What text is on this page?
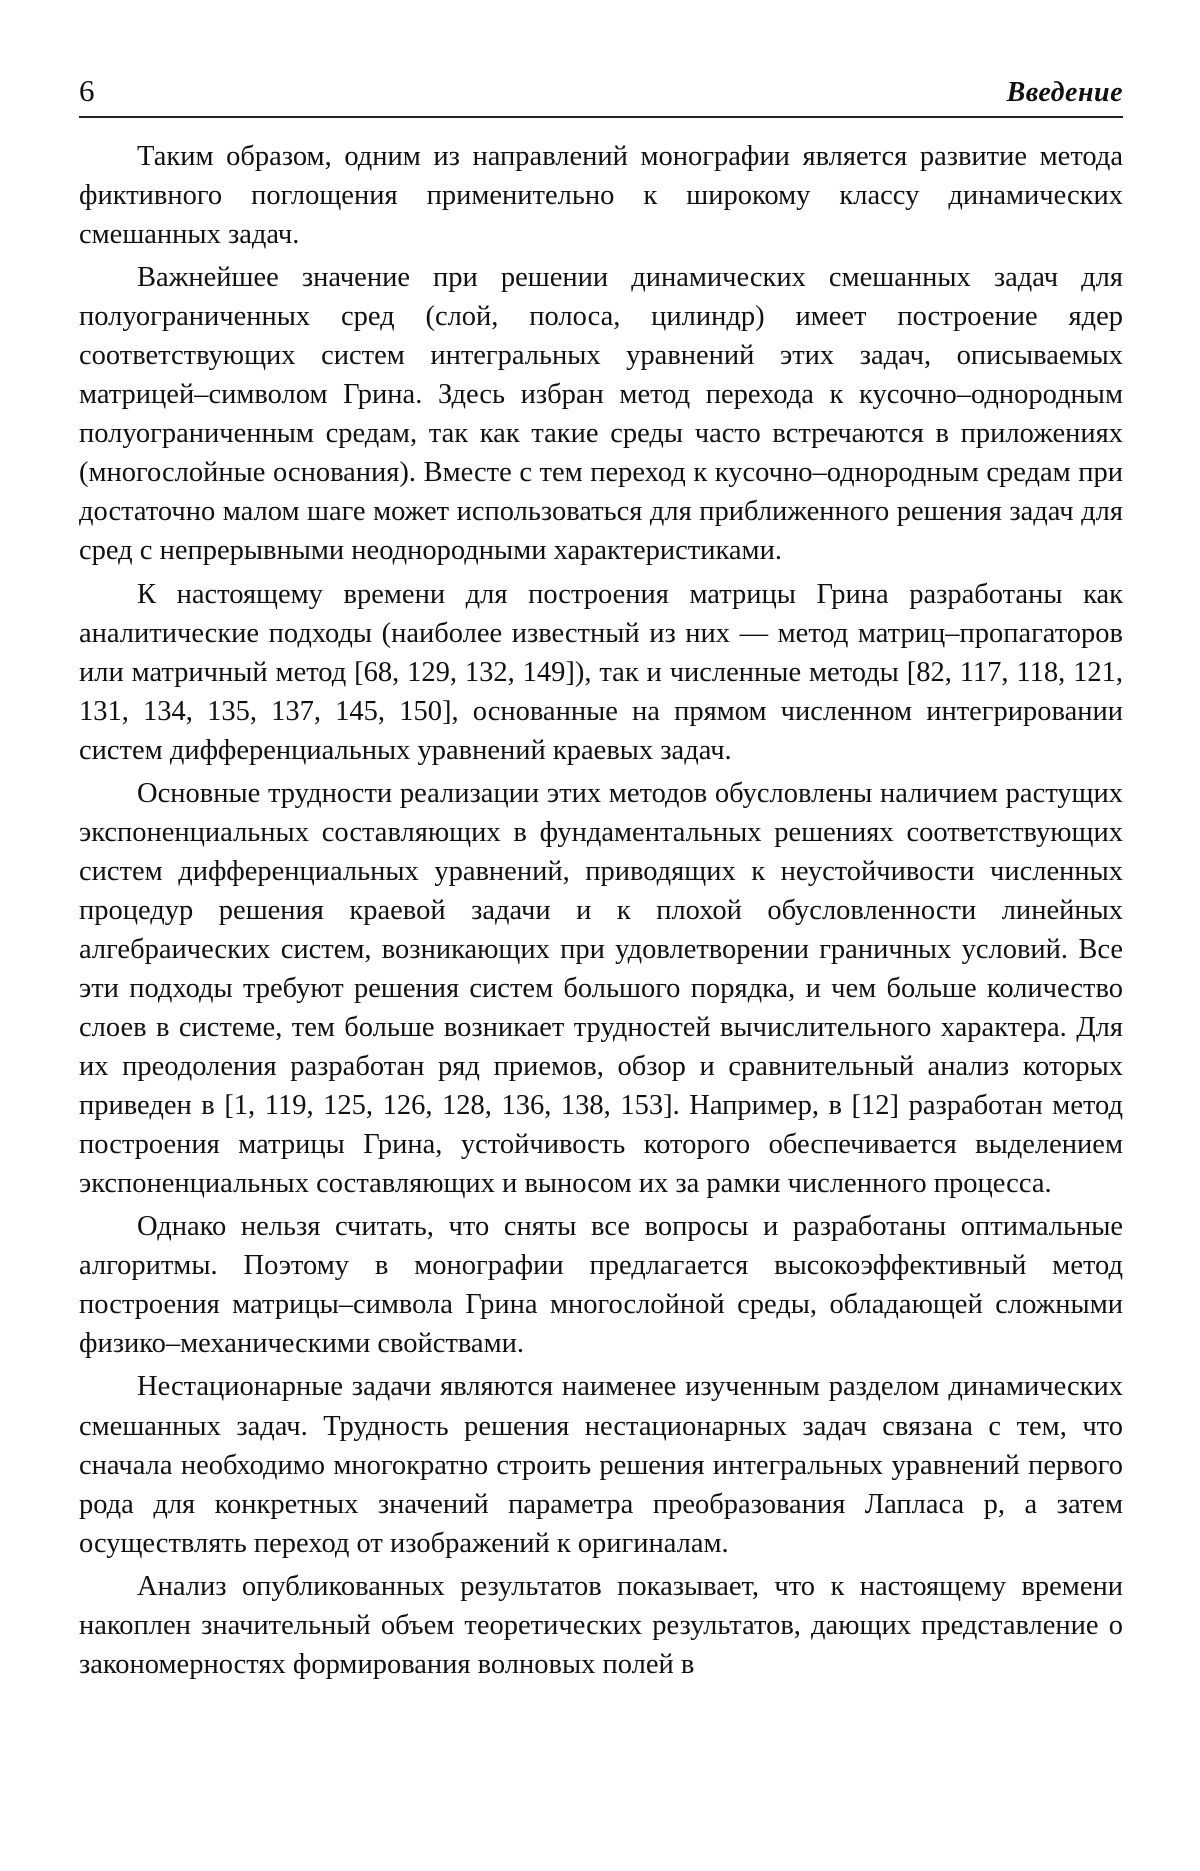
6	Введение

Таким образом, одним из направлений монографии является развитие метода фиктивного поглощения применительно к широкому классу динамических смешанных задач.

Важнейшее значение при решении динамических смешанных задач для полуограниченных сред (слой, полоса, цилиндр) имеет построение ядер соответствующих систем интегральных уравнений этих задач, описываемых матрицей–символом Грина. Здесь избран метод перехода к кусочно–однородным полуограниченным средам, так как такие среды часто встречаются в приложениях (многослойные основания). Вместе с тем переход к кусочно–однородным средам при достаточно малом шаге может использоваться для приближенного решения задач для сред с непрерывными неоднородными характеристиками.

К настоящему времени для построения матрицы Грина разработаны как аналитические подходы (наиболее известный из них — метод матриц–пропагаторов или матричный метод [68, 129, 132, 149]), так и численные методы [82, 117, 118, 121, 131, 134, 135, 137, 145, 150], основанные на прямом численном интегрировании систем дифференциальных уравнений краевых задач.

Основные трудности реализации этих методов обусловлены наличием растущих экспоненциальных составляющих в фундаментальных решениях соответствующих систем дифференциальных уравнений, приводящих к неустойчивости численных процедур решения краевой задачи и к плохой обусловленности линейных алгебраических систем, возникающих при удовлетворении граничных условий. Все эти подходы требуют решения систем большого порядка, и чем больше количество слоев в системе, тем больше возникает трудностей вычислительного характера. Для их преодоления разработан ряд приемов, обзор и сравнительный анализ которых приведен в [1, 119, 125, 126, 128, 136, 138, 153]. Например, в [12] разработан метод построения матрицы Грина, устойчивость которого обеспечивается выделением экспоненциальных составляющих и выносом их за рамки численного процесса.

Однако нельзя считать, что сняты все вопросы и разработаны оптимальные алгоритмы. Поэтому в монографии предлагается высокоэффективный метод построения матрицы–символа Грина многослойной среды, обладающей сложными физико–механическими свойствами.

Нестационарные задачи являются наименее изученным разделом динамических смешанных задач. Трудность решения нестационарных задач связана с тем, что сначала необходимо многократно строить решения интегральных уравнений первого рода для конкретных значений параметра преобразования Лапласа p, а затем осуществлять переход от изображений к оригиналам.

Анализ опубликованных результатов показывает, что к настоящему времени накоплен значительный объем теоретических результатов, дающих представление о закономерностях формирования волновых полей в
